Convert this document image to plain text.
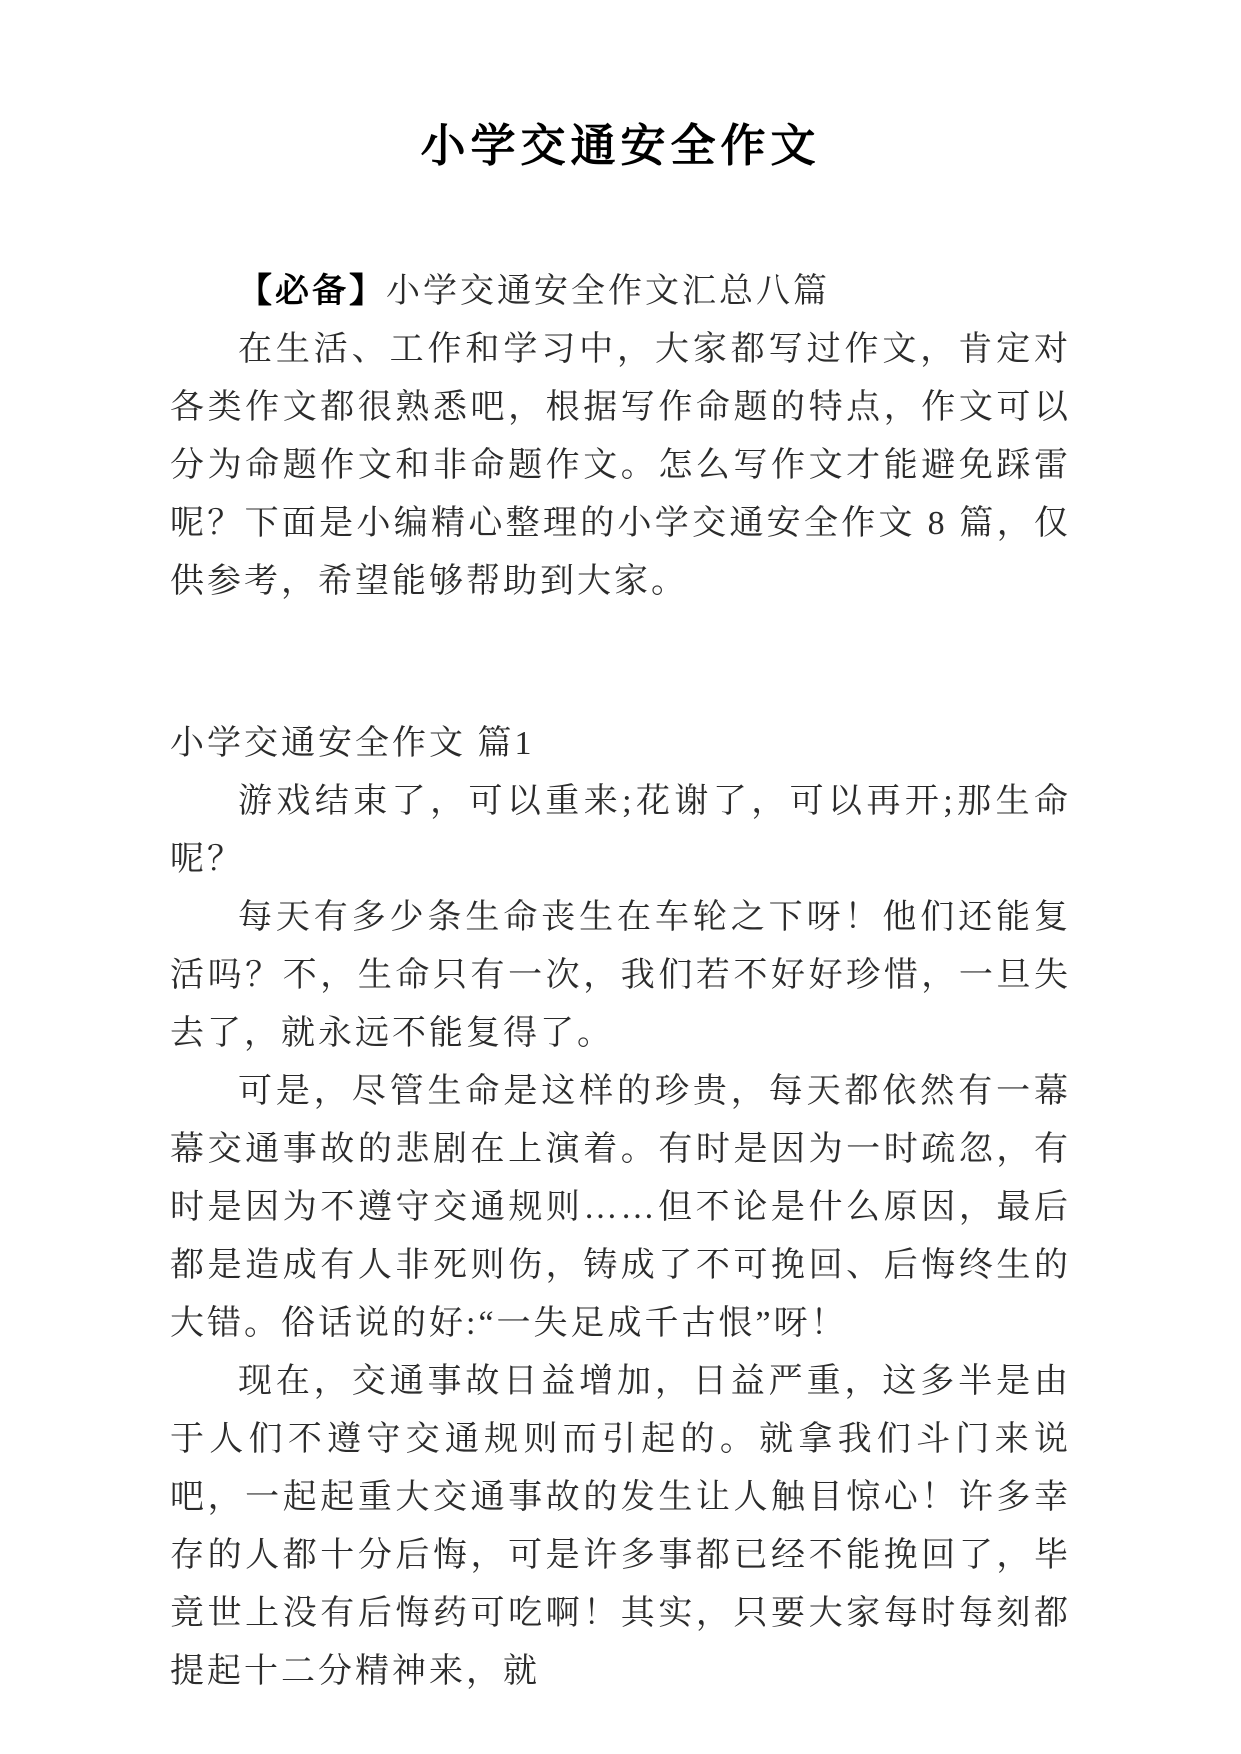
小学交通安全作文

【必备】小学交通安全作文汇总八篇

在生活、工作和学习中，大家都写过作文，肯定对各类作文都很熟悉吧，根据写作命题的特点，作文可以分为命题作文和非命题作文。怎么写作文才能避免踩雷呢？下面是小编精心整理的小学交通安全作文 8 篇，仅供参考，希望能够帮助到大家。

小学交通安全作文 篇1

游戏结束了，可以重来;花谢了，可以再开;那生命呢？

每天有多少条生命丧生在车轮之下呀！他们还能复活吗？不，生命只有一次，我们若不好好珍惜，一旦失去了，就永远不能复得了。

可是，尽管生命是这样的珍贵，每天都依然有一幕幕交通事故的悲剧在上演着。有时是因为一时疏忽，有时是因为不遵守交通规则……但不论是什么原因，最后都是造成有人非死则伤，铸成了不可挽回、后悔终生的大错。俗话说的好:“一失足成千古恨”呀！

现在，交通事故日益增加，日益严重，这多半是由于人们不遵守交通规则而引起的。就拿我们斗门来说吧，一起起重大交通事故的发生让人触目惊心！许多幸存的人都十分后悔，可是许多事都已经不能挽回了，毕竟世上没有后悔药可吃啊！其实，只要大家每时每刻都提起十二分精神来，就
